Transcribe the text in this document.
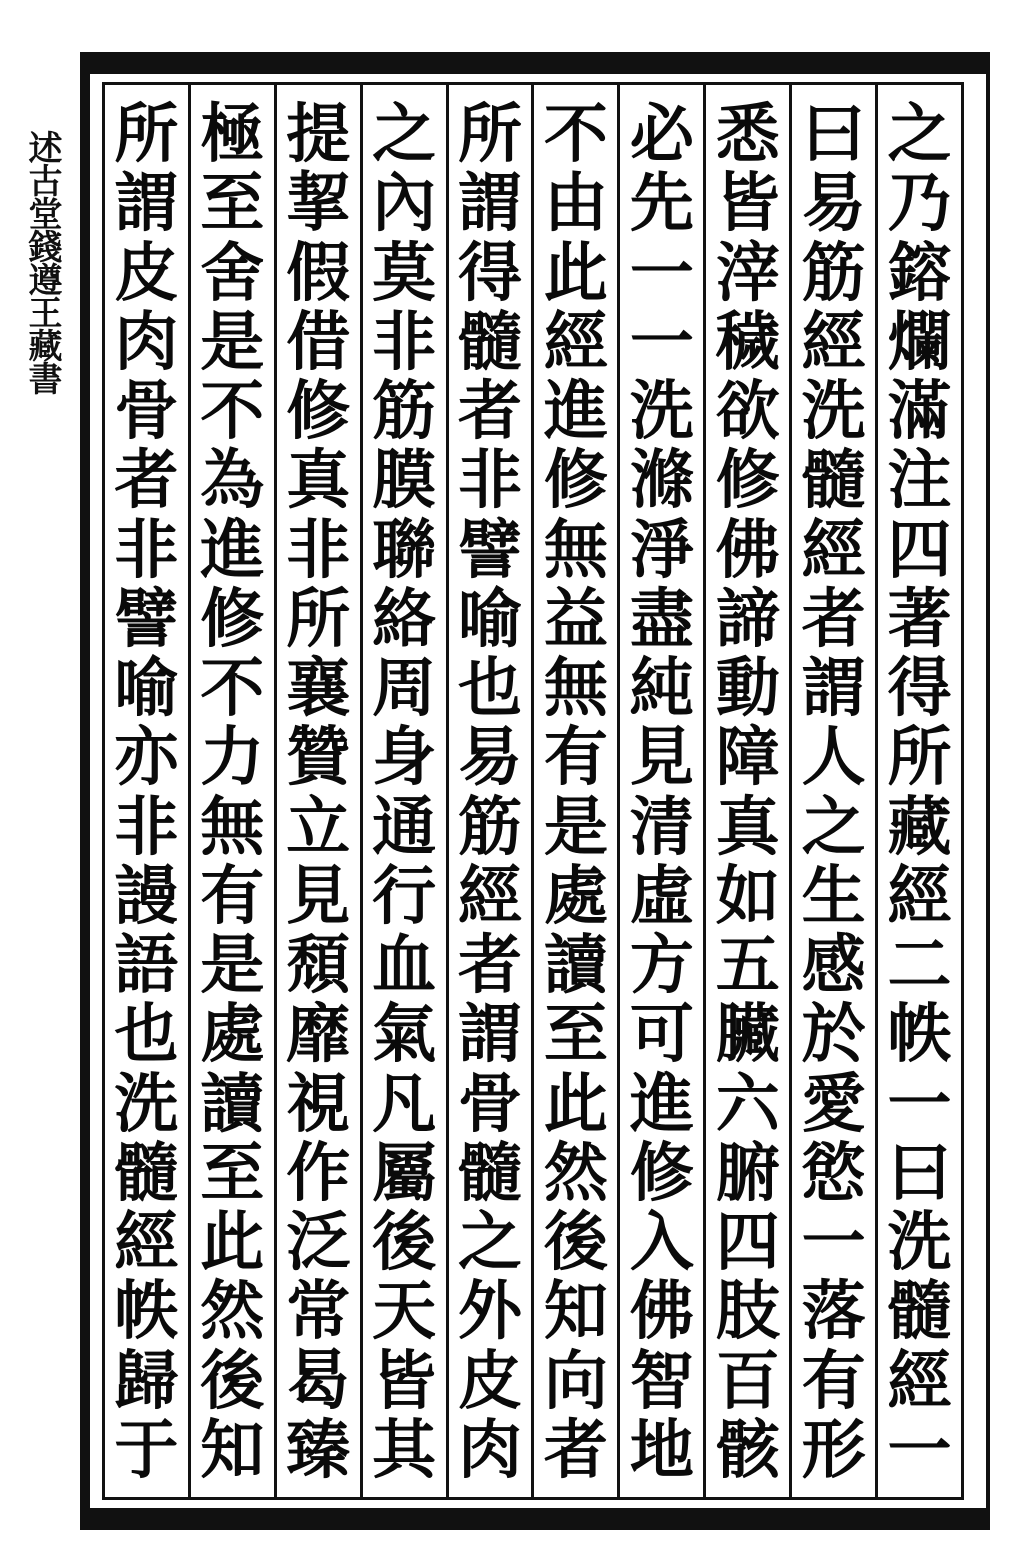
述古堂錢遵王藏書	之
乃
鎔
爛
滿
注
四
著
得
所
藏
經
二
帙
一
曰
洗
髓
經
一
曰
易
筋
經
洗
髓
經
者
謂
人
之
生
感
於
愛
慾
一
落
有
形
悉
皆
滓
穢
欲
修
佛
諦
動
障
真
如
五
臟
六
腑
四
肢
百
骸
必
先
一
一
洗
滌
淨
盡
純
見
清
虛
方
可
進
修
入
佛
智
地
不
由
此
經
進
修
無
益
無
有
是
處
讀
至
此
然
後
知
向
者
所
謂
得
髓
者
非
譬
喻
也
易
筋
經
者
謂
骨
髓
之
外
皮
肉
之
內
莫
非
筋
膜
聯
絡
周
身
通
行
血
氣
凡
屬
後
天
皆
其
提
挈
假
借
修
真
非
所
襄
贊
立
見
頹
靡
視
作
泛
常
曷
臻
極
至
舍
是
不
為
進
修
不
力
無
有
是
處
讀
至
此
然
後
知
所
謂
皮
肉
骨
者
非
譬
喻
亦
非
謾
語
也
洗
髓
經
帙
歸
于
